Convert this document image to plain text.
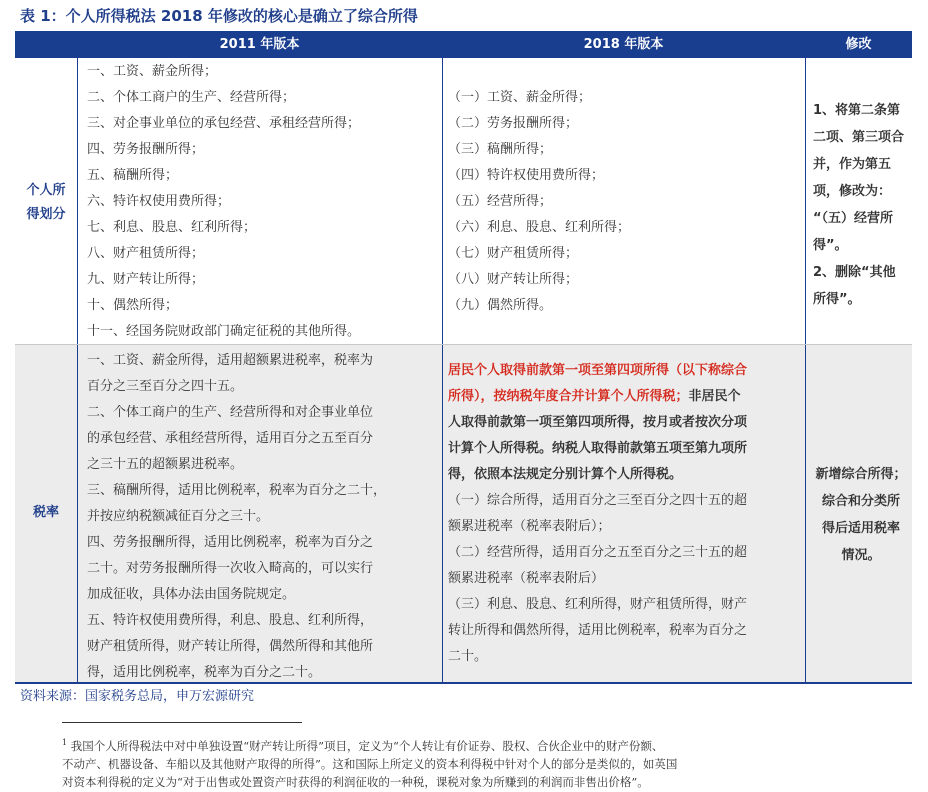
表 1：个人所得税法 2018 年修改的核心是确立了综合所得
2011 年版本	2018 年版本	修改
个人所
得划分
一、工资、薪金所得；
二、个体工商户的生产、经营所得；
三、对企事业单位的承包经营、承租经营所得；
四、劳务报酬所得；
五、稿酬所得；
六、特许权使用费所得；
七、利息、股息、红利所得；
八、财产租赁所得；
九、财产转让所得；
十、偶然所得；
十一、经国务院财政部门确定征税的其他所得。
（一）工资、薪金所得；
（二）劳务报酬所得；
（三）稿酬所得；
（四）特许权使用费所得；
（五）经营所得；
（六）利息、股息、红利所得；
（七）财产租赁所得；
（八）财产转让所得；
（九）偶然所得。
1、将第二条第
二项、第三项合
并，作为第五
项，修改为：
“（五）经营所
得”。
2、删除“其他
所得”。
税率
一、工资、薪金所得，适用超额累进税率，税率为
百分之三至百分之四十五。
二、个体工商户的生产、经营所得和对企事业单位
的承包经营、承租经营所得，适用百分之五至百分
之三十五的超额累进税率。
三、稿酬所得，适用比例税率，税率为百分之二十，
并按应纳税额减征百分之三十。
四、劳务报酬所得，适用比例税率，税率为百分之
二十。对劳务报酬所得一次收入畸高的，可以实行
加成征收，具体办法由国务院规定。
五、特许权使用费所得，利息、股息、红利所得，
财产租赁所得，财产转让所得，偶然所得和其他所
得，适用比例税率，税率为百分之二十。
居民个人取得前款第一项至第四项所得（以下称综合
所得），按纳税年度合并计算个人所得税；非居民个
人取得前款第一项至第四项所得，按月或者按次分项
计算个人所得税。纳税人取得前款第五项至第九项所
得，依照本法规定分别计算个人所得税。
（一）综合所得，适用百分之三至百分之四十五的超
额累进税率（税率表附后）；
（二）经营所得，适用百分之五至百分之三十五的超
额累进税率（税率表附后）
（三）利息、股息、红利所得，财产租赁所得，财产
转让所得和偶然所得，适用比例税率，税率为百分之
二十。
新增综合所得；
综合和分类所
得后适用税率
情况。
资料来源：国家税务总局，申万宏源研究
$^1$ 我国个人所得税法中对中单独设置“财产转让所得”项目，定义为“个人转让有价证券、股权、合伙企业中的财产份额、
不动产、机器设备、车船以及其他财产取得的所得”。这和国际上所定义的资本利得税中针对个人的部分是类似的，如英国
对资本利得税的定义为“对于出售或处置资产时获得的利润征收的一种税，课税对象为所赚到的利润而非售出价格”。
